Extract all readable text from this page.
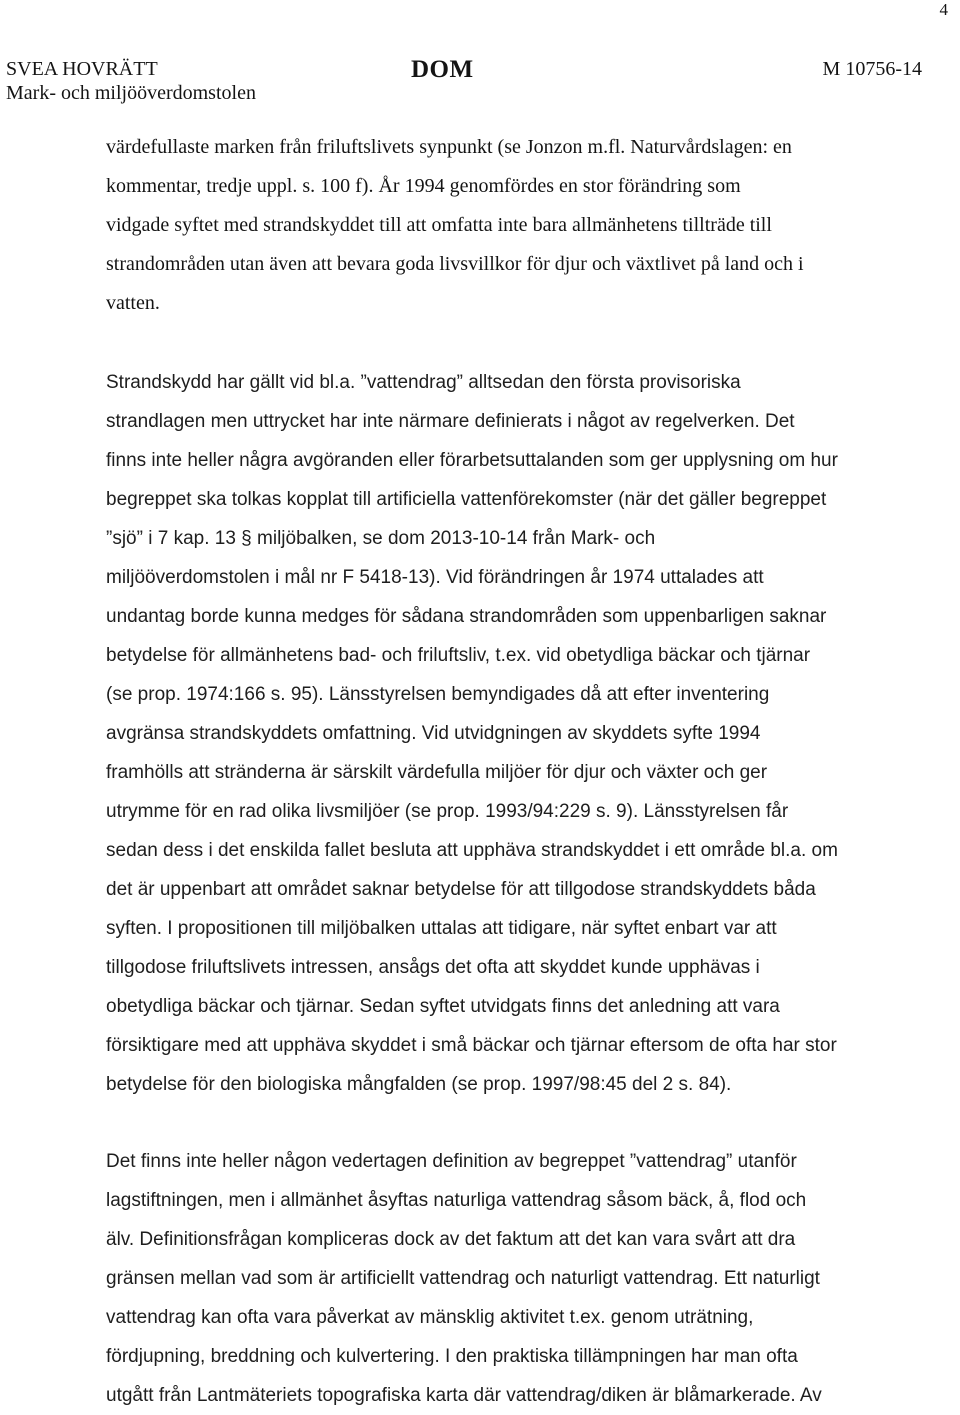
4
SVEA HOVRÄTT
Mark- och miljööverdomstolen
DOM	M 10756-14

värdefullaste marken från friluftslivets synpunkt (se Jonzon m.fl. Naturvårdslagen: en
kommentar, tredje uppl. s. 100 f). År 1994 genomfördes en stor förändring som
vidgade syftet med strandskyddet till att omfatta inte bara allmänhetens tillträde till
strandområden utan även att bevara goda livsvillkor för djur och växtlivet på land och i
vatten.

Strandskydd har gällt vid bl.a. ”vattendrag” alltsedan den första provisoriska
strandlagen men uttrycket har inte närmare definierats i något av regelverken. Det
finns inte heller några avgöranden eller förarbetsuttalanden som ger upplysning om hur
begreppet ska tolkas kopplat till artificiella vattenförekomster (när det gäller begreppet
”sjö” i 7 kap. 13 § miljöbalken, se dom 2013-10-14 från Mark- och
miljööverdomstolen i mål nr F 5418-13). Vid förändringen år 1974 uttalades att
undantag borde kunna medges för sådana strandområden som uppenbarligen saknar
betydelse för allmänhetens bad- och friluftsliv, t.ex. vid obetydliga bäckar och tjärnar
(se prop. 1974:166 s. 95). Länsstyrelsen bemyndigades då att efter inventering
avgränsa strandskyddets omfattning. Vid utvidgningen av skyddets syfte 1994
framhölls att stränderna är särskilt värdefulla miljöer för djur och växter och ger
utrymme för en rad olika livsmiljöer (se prop. 1993/94:229 s. 9). Länsstyrelsen får
sedan dess i det enskilda fallet besluta att upphäva strandskyddet i ett område bl.a. om
det är uppenbart att området saknar betydelse för att tillgodose strandskyddets båda
syften. I propositionen till miljöbalken uttalas att tidigare, när syftet enbart var att
tillgodose friluftslivets intressen, ansågs det ofta att skyddet kunde upphävas i
obetydliga bäckar och tjärnar. Sedan syftet utvidgats finns det anledning att vara
försiktigare med att upphäva skyddet i små bäckar och tjärnar eftersom de ofta har stor
betydelse för den biologiska mångfalden (se prop. 1997/98:45 del 2 s. 84).

Det finns inte heller någon vedertagen definition av begreppet ”vattendrag” utanför
lagstiftningen, men i allmänhet åsyftas naturliga vattendrag såsom bäck, å, flod och
älv. Definitionsfrågan kompliceras dock av det faktum att det kan vara svårt att dra
gränsen mellan vad som är artificiellt vattendrag och naturligt vattendrag. Ett naturligt
vattendrag kan ofta vara påverkat av mänsklig aktivitet t.ex. genom uträtning,
fördjupning, breddning och kulvertering. I den praktiska tillämpningen har man ofta
utgått från Lantmäteriets topografiska karta där vattendrag/diken är blåmarkerade. Av
